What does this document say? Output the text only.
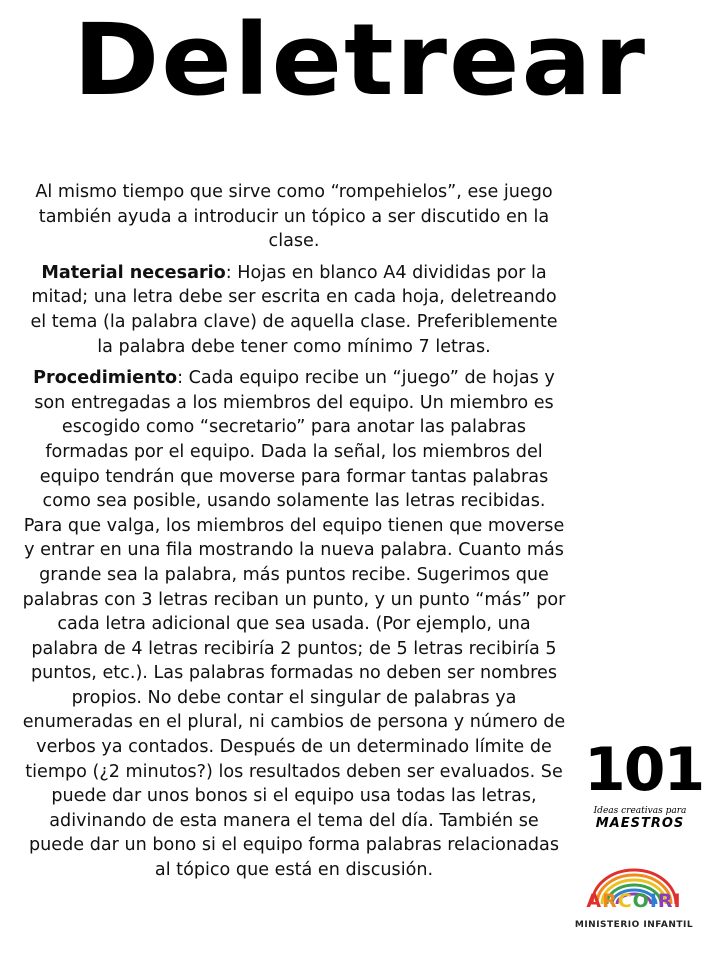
Deletrear

Al mismo tiempo que sirve como “rompehielos”, ese juego también ayuda a introducir un tópico a ser discutido en la clase.

Material necesario: Hojas en blanco A4 divididas por la mitad; una letra debe ser escrita en cada hoja, deletreando el tema (la palabra clave) de aquella clase. Preferiblemente la palabra debe tener como mínimo 7 letras.

Procedimiento: Cada equipo recibe un “juego” de hojas y son entregadas a los miembros del equipo. Un miembro es escogido como “secretario” para anotar las palabras formadas por el equipo. Dada la señal, los miembros del equipo tendrán que moverse para formar tantas palabras como sea posible, usando solamente las letras recibidas. Para que valga, los miembros del equipo tienen que moverse y entrar en una fila mostrando la nueva palabra. Cuanto más grande sea la palabra, más puntos recibe. Sugerimos que palabras con 3 letras reciban un punto, y un punto “más” por cada letra adicional que sea usada. (Por ejemplo, una palabra de 4 letras recibiría 2 puntos; de 5 letras recibiría 5 puntos, etc.). Las palabras formadas no deben ser nombres propios. No debe contar el singular de palabras ya enumeradas en el plural, ni cambios de persona y número de verbos ya contados. Después de un determinado límite de tiempo (¿2 minutos?) los resultados deben ser evaluados. Se puede dar unos bonos si el equipo usa todas las letras, adivinando de esta manera el tema del día. También se puede dar un bono si el equipo forma palabras relacionadas al tópico que está en discusión.

101
Ideas creativas para
MAESTROS
ARCOIRI
MINISTERIO INFANTIL
